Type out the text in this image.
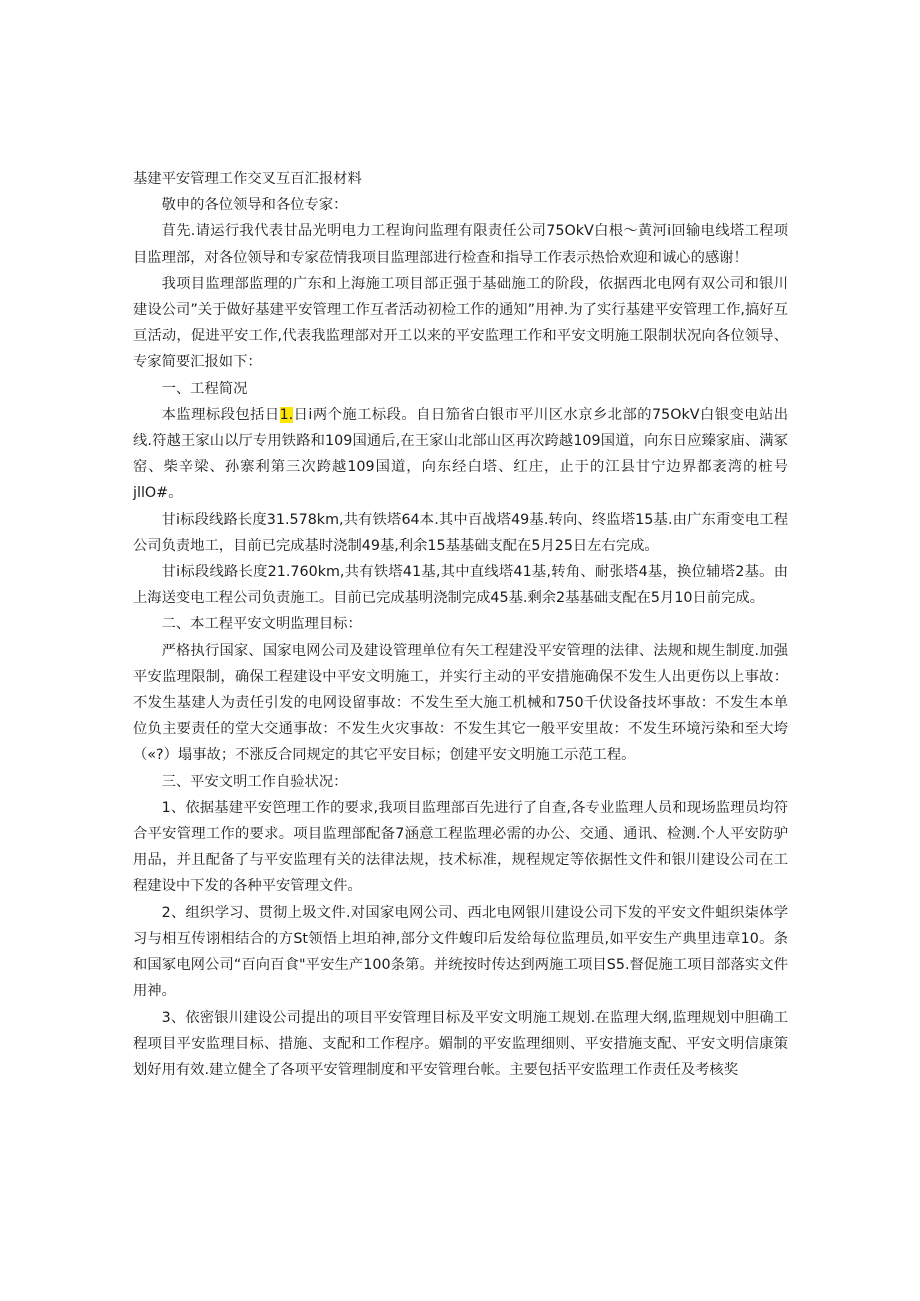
基建平安管理工作交叉互百汇报材料

敬申的各位领导和各位专家：

苜先.请运行我代表甘品光明电力工程询问监理有限责任公司75OkV白根〜黄河i回输电线塔工程项目监理部，对各位领导和专家莅情我项目监理部进行检查和指导工作表示热恰欢迎和诚心的感谢！

我项目监理部监理的广东和上海施工项目部正强于基础施工的阶段，依据西北电网有双公司和银川建设公司”关于做好基建平安管理工作互者活动初检工作的通知”用神.为了实行基建平安管理工作,搞好互亘活动，促进平安工作,代表我监理部对开工以来的平安监理工作和平安文明施工限制状况向各位领导、专家简要汇报如下：

一、工程简况

本监理标段包括日1.日i两个施工标段。自日笳省白银市平川区水京乡北部的75OkV白银变电站出线.符越王家山以厅专用铁路和109国通后,在王家山北部山区再次跨越109国道，向东日应臻家庙、满冢窑、柴辛梁、孙寨利第三次跨越109国道，向东经白塔、红庄，止于的江县甘宁边界都袤湾的桩号jllO#。

甘i标段线路长度31.578km,共有铁塔64本.其中百战塔49基.转向、终监塔15基.由广东甭变电工程公司负责地工，目前已完成基时浇制49基,利余15基基础支配在5月25日左右完成。

甘i标段线路长度21.760km,共有铁塔41基,其中直线塔41基,转角、耐张塔4基，换位辅塔2基。由上海送变电工程公司负责施工。目前已完成基明浇制完成45基.剩余2基基础支配在5月10日前完成。

二、本工程平安文明监理目标：

严格执行国家、国家电网公司及建设管理单位有矢工程建没平安管理的法律、法规和规生制度.加强平安监理限制，确保工程建设中平安文明施工，并实行主动的平安措施确保不发生人出更伤以上事故：不发生基建人为责任引发的电网设留事故：不发生至大施工机械和750千伏设备技坏事故：不发生本单位负主要责任的堂大交通事故：不发生火灾事故：不发生其它一般平安里故：不发生环境污染和至大垮（«?）塌事故；不涨反合同规定的其它平安目标；创建平安文明施工示范工程。

三、平安文明工作自验状况：

1、依据基建平安笆理工作的要求,我项目监理部百先进行了自查,各专业监理人员和现场监理员均符合平安管理工作的要求。项目监理部配备7涵意工程监理必需的办公、交通、通讯、检测.个人平安防驴用品，并且配备了与平安监理有关的法律法规，技术标准，规程规定等依据性文件和银川建设公司在工程建设中下发的各种平安管理文件。

2、组织学习、贯彻上圾文件.对国家电网公司、西北电网银川建设公司下发的平安文件蛆织柒体学习与相互传诩相结合的方St领悟上坦珀神,部分文件蝮印后发给每位监理员,如平安生产典里违章10。条和国冢电网公司“百向百食"平安生产100条第。并统按时传达到两施工项目S5.督促施工项目部落实文件用神。

3、依密银川建设公司提出的项目平安管理目标及平安文明施工规划.在监理大纲,监理规划中胆确工程项目平安监理目标、措施、支配和工作程序。媚制的平安监理细则、平安措施支配、平安文明信康策划好用有效.建立健全了各项平安管理制度和平安管理台帐。主要包括平安监理工作责任及考核奖
